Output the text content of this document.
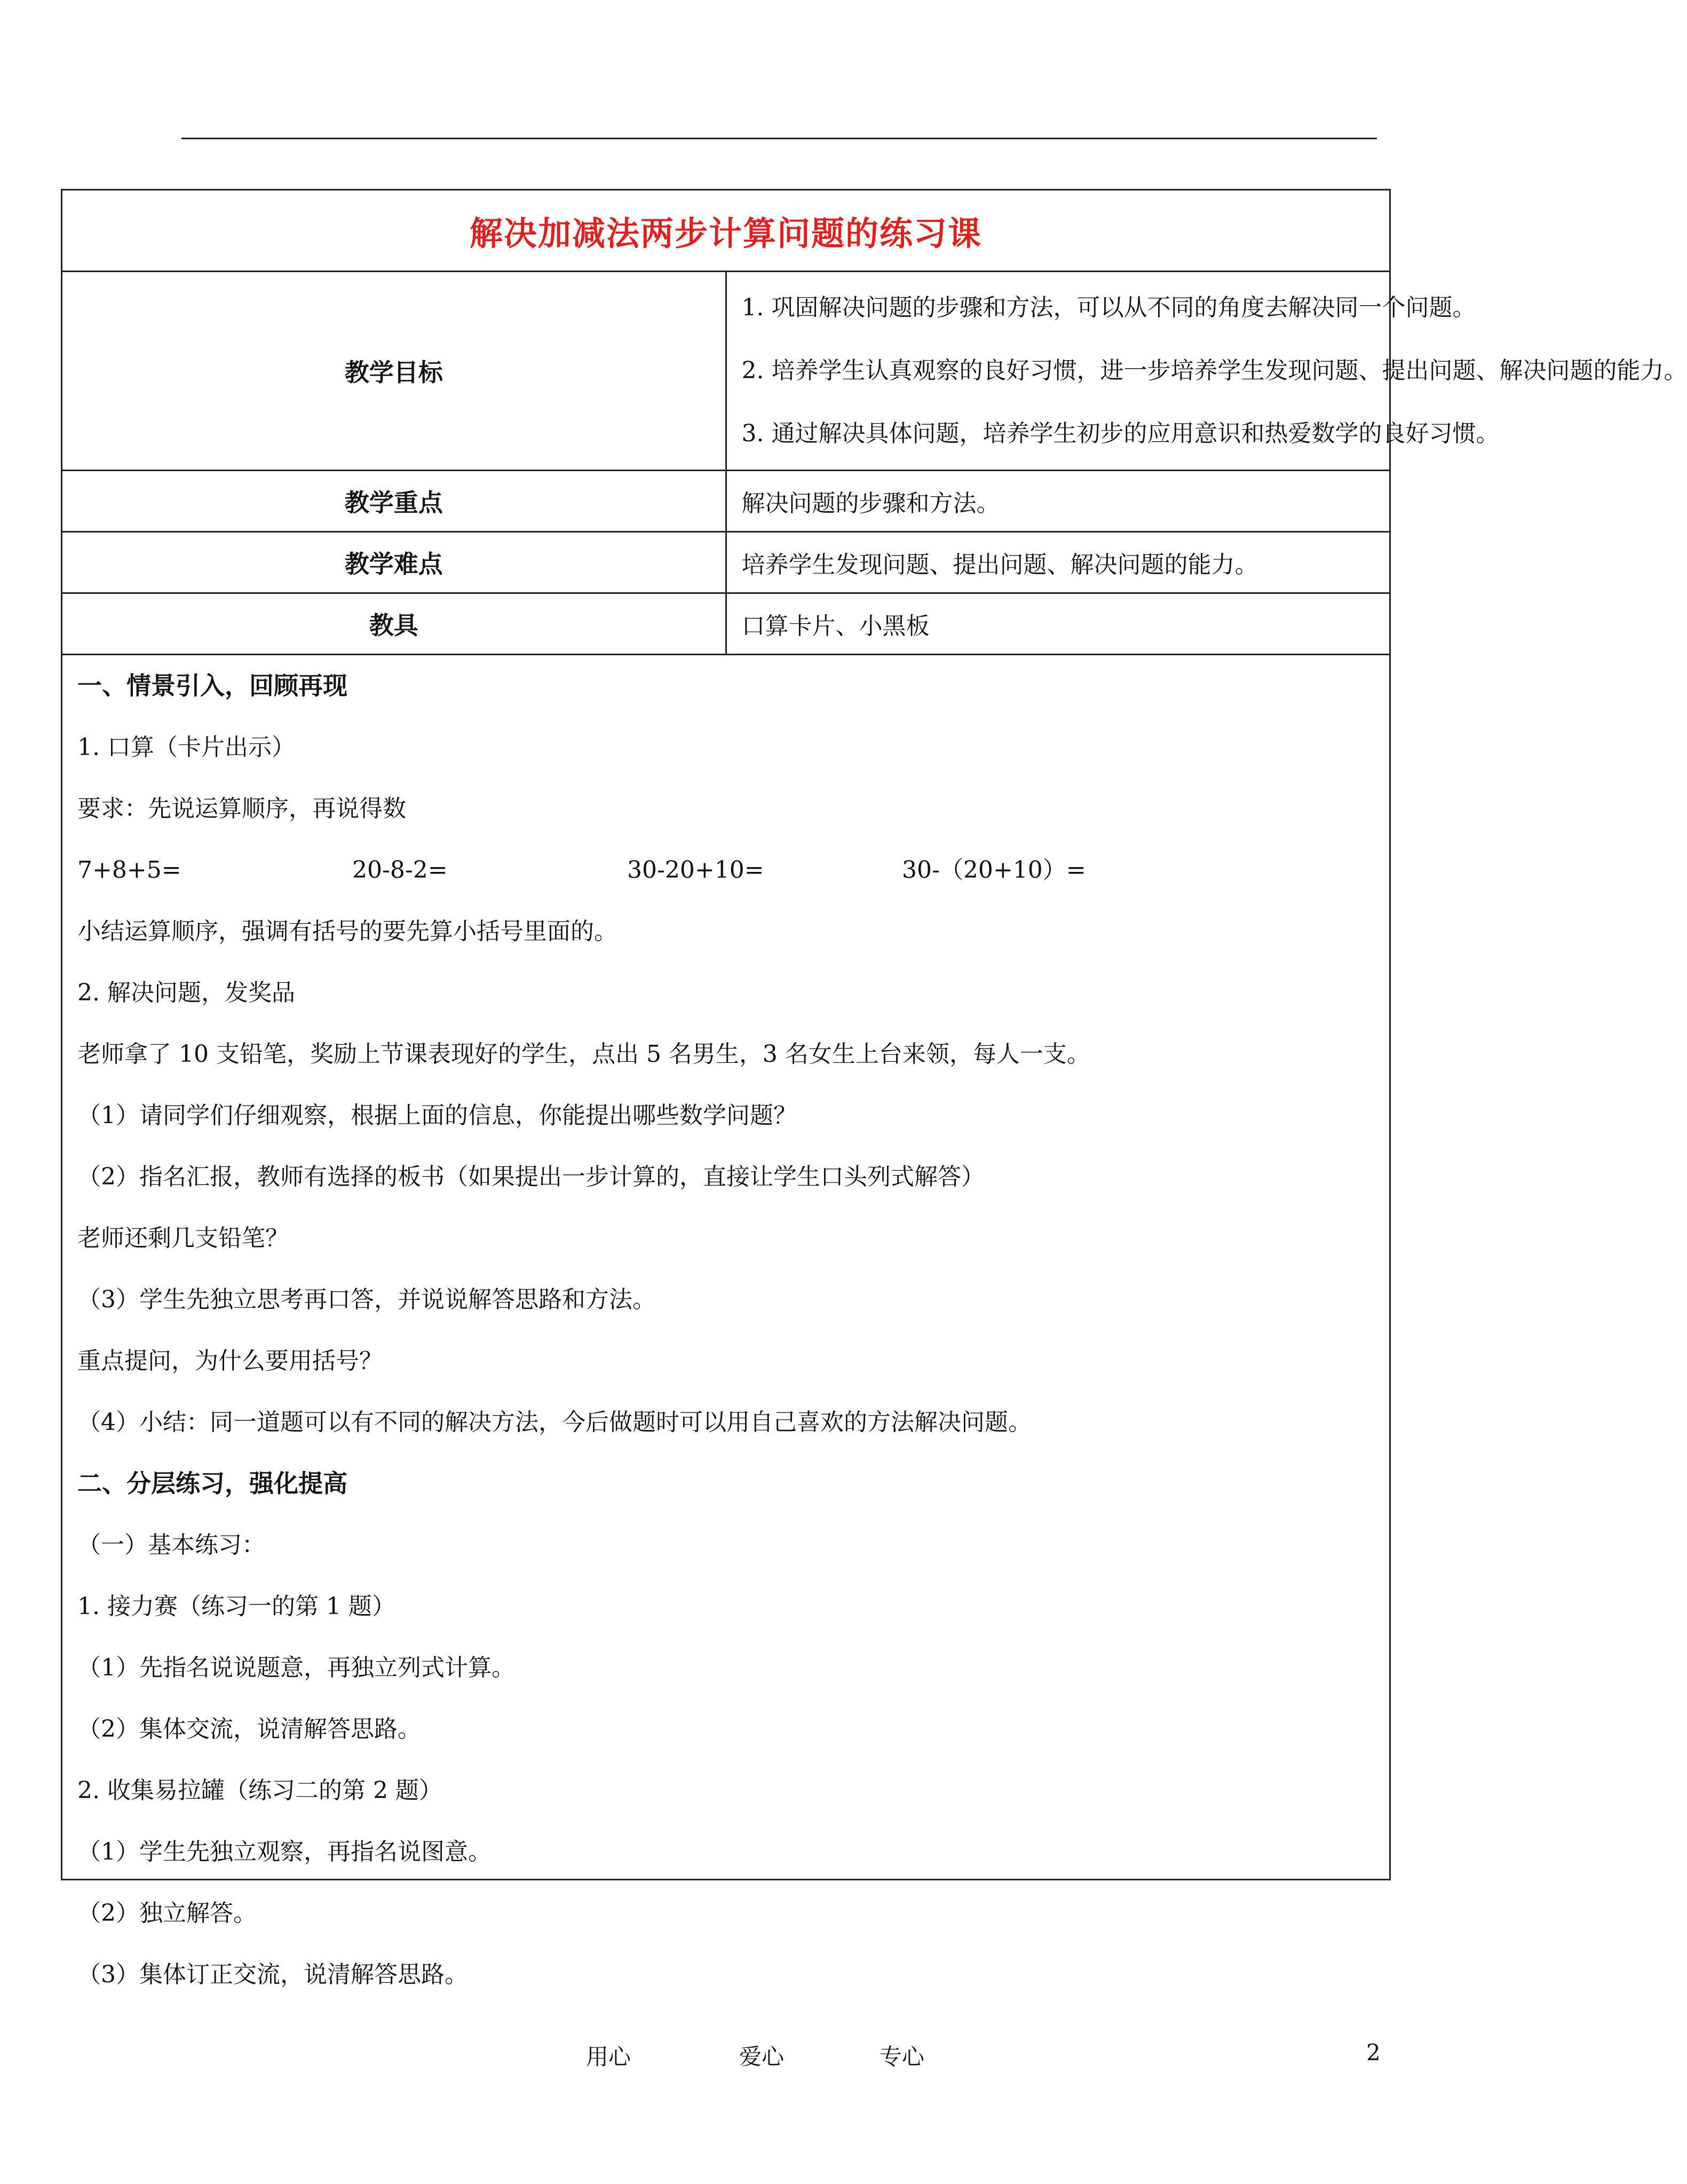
解决加减法两步计算问题的练习课	
教学目标	1. 巩固解决问题的步骤和方法，可以从不同的角度去解决同一个问题。
2. 培养学生认真观察的良好习惯，进一步培养学生发现问题、提出问题、解决问题的能力。
3. 通过解决具体问题，培养学生初步的应用意识和热爱数学的良好习惯。

教学重点	解决问题的步骤和方法。
教学难点	培养学生发现问题、提出问题、解决问题的能力。
教具	口算卡片、小黑板
一、情景引入，回顾再现
1. 口算（卡片出示）
要求：先说运算顺序，再说得数
7+8+5=	20-8-2=	30-20+10=	30-（20+10）=
小结运算顺序，强调有括号的要先算小括号里面的。
2. 解决问题，发奖品
老师拿了 10 支铅笔，奖励上节课表现好的学生，点出 5 名男生，3 名女生上台来领，每人一支。
（1）请同学们仔细观察，根据上面的信息，你能提出哪些数学问题？
（2）指名汇报，教师有选择的板书（如果提出一步计算的，直接让学生口头列式解答）
老师还剩几支铅笔？
（3）学生先独立思考再口答，并说说解答思路和方法。
重点提问，为什么要用括号？
（4）小结：同一道题可以有不同的解决方法，今后做题时可以用自己喜欢的方法解决问题。
二、分层练习，强化提高
（一）基本练习：
1. 接力赛（练习一的第 1 题）
（1）先指名说说题意，再独立列式计算。
（2）集体交流，说清解答思路。
2. 收集易拉罐（练习二的第 2 题）
（1）学生先独立观察，再指名说图意。
（2）独立解答。
（3）集体订正交流，说清解答思路。
用心	爱心	专心	2
